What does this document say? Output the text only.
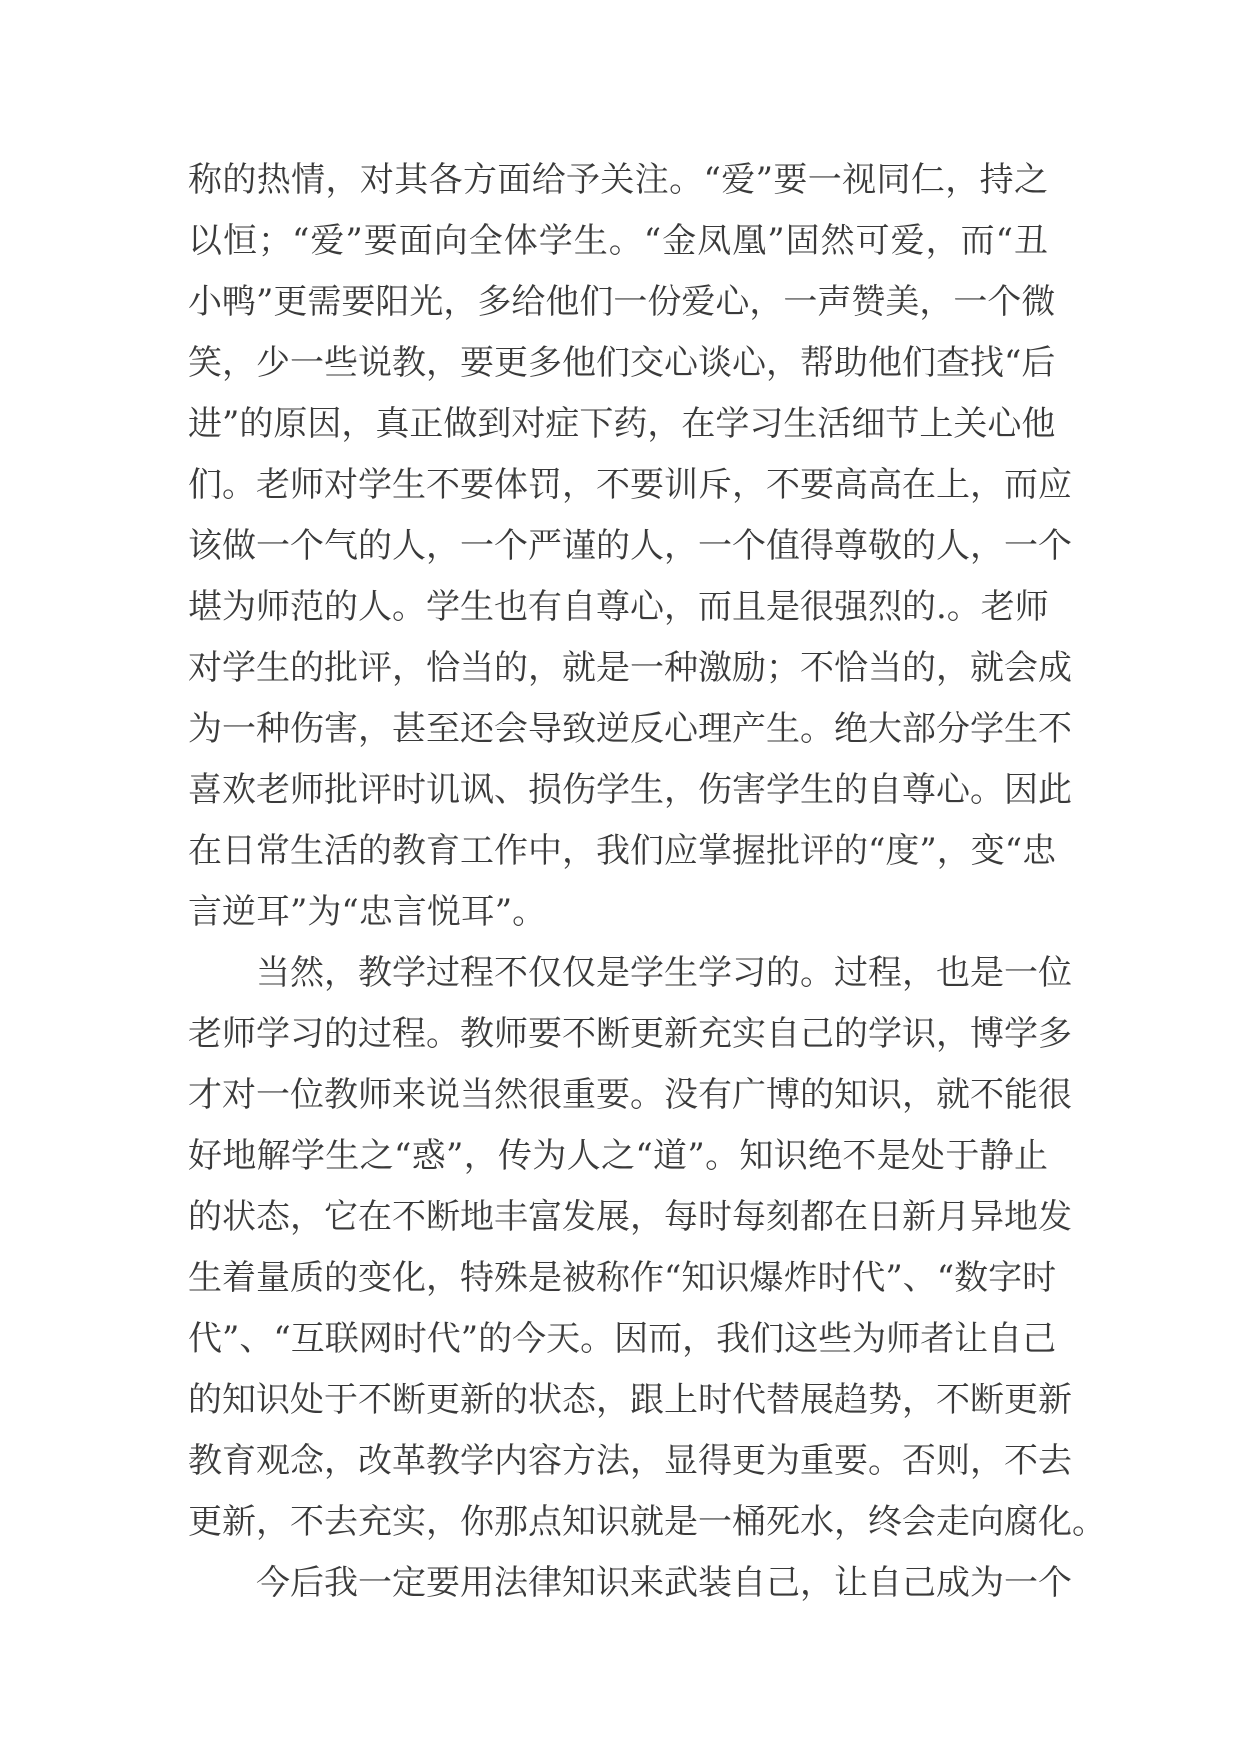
称的热情，对其各方面给予关注。“爱”要一视同仁，持之
以恒；“爱”要面向全体学生。“金凤凰”固然可爱，而“丑
小鸭”更需要阳光，多给他们一份爱心，一声赞美，一个微
笑，少一些说教，要更多他们交心谈心，帮助他们查找“后
进”的原因，真正做到对症下药，在学习生活细节上关心他
们。老师对学生不要体罚，不要训斥，不要高高在上，而应
该做一个气的人，一个严谨的人，一个值得尊敬的人，一个
堪为师范的人。学生也有自尊心，而且是很强烈的.。老师
对学生的批评，恰当的，就是一种激励；不恰当的，就会成
为一种伤害，甚至还会导致逆反心理产生。绝大部分学生不
喜欢老师批评时讥讽、损伤学生，伤害学生的自尊心。因此
在日常生活的教育工作中，我们应掌握批评的“度”，变“忠
言逆耳”为“忠言悦耳”。
当然，教学过程不仅仅是学生学习的。过程，也是一位
老师学习的过程。教师要不断更新充实自己的学识，博学多
才对一位教师来说当然很重要。没有广博的知识，就不能很
好地解学生之“惑”，传为人之“道”。知识绝不是处于静止
的状态，它在不断地丰富发展，每时每刻都在日新月异地发
生着量质的变化，特殊是被称作“知识爆炸时代”、“数字时
代”、“互联网时代”的今天。因而，我们这些为师者让自己
的知识处于不断更新的状态，跟上时代替展趋势，不断更新
教育观念，改革教学内容方法，显得更为重要。否则，不去
更新，不去充实，你那点知识就是一桶死水，终会走向腐化。
今后我一定要用法律知识来武装自己，让自己成为一个
